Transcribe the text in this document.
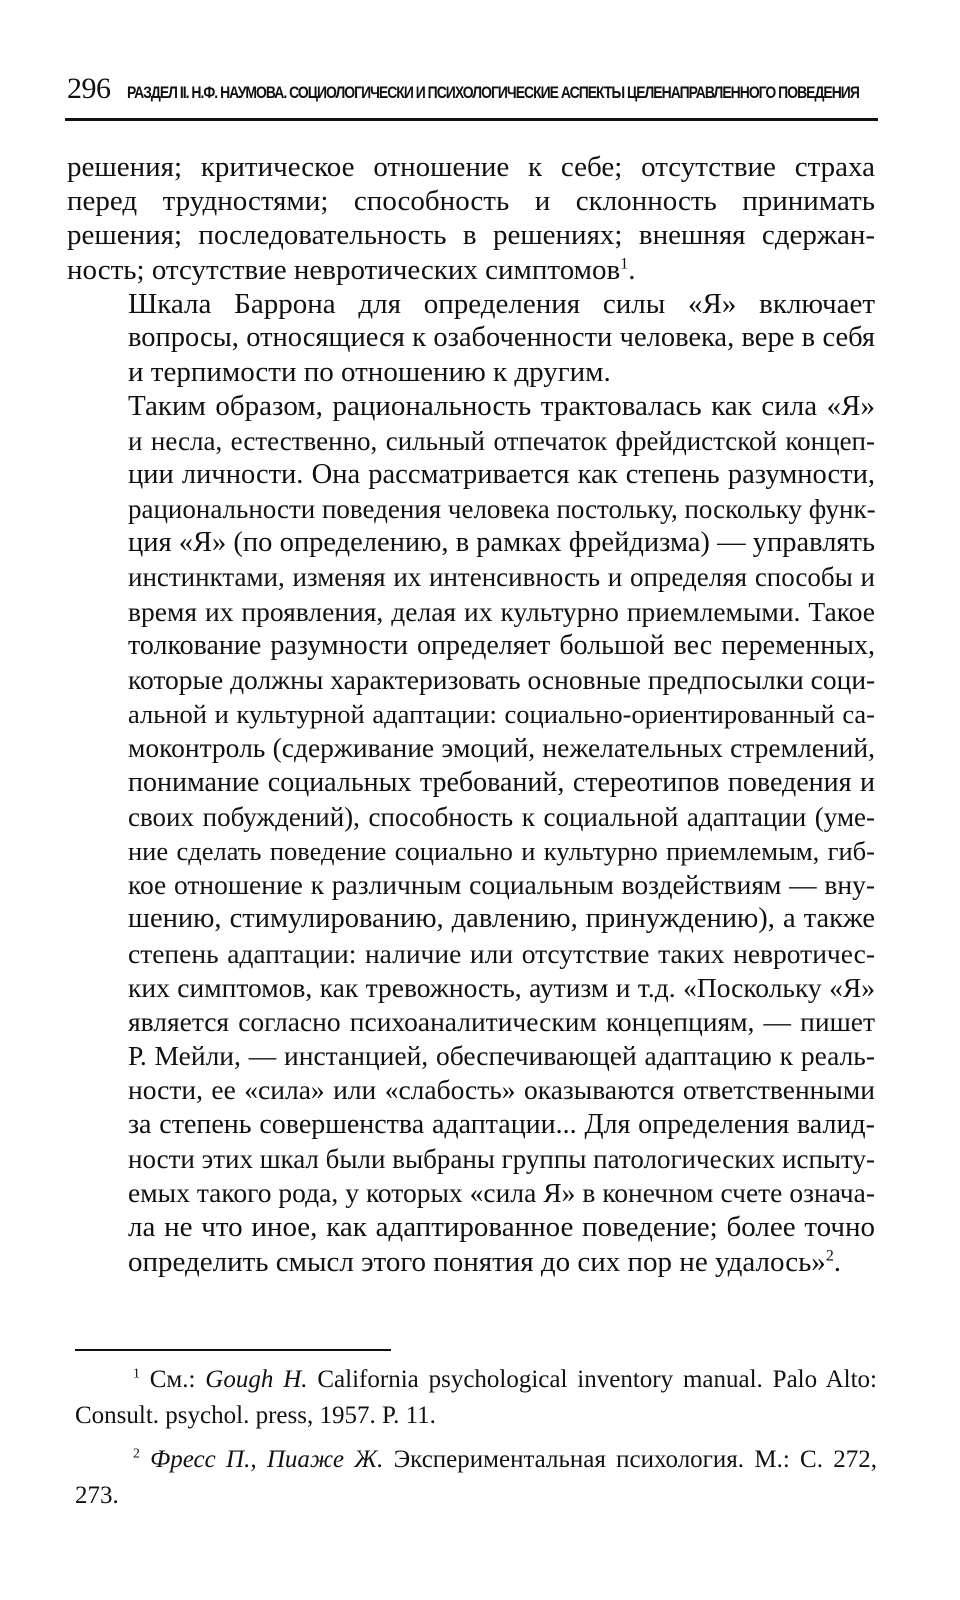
296 РАЗДЕЛ II. Н.Ф. НАУМОВА. СОЦИОЛОГИЧЕСКИ И ПСИХОЛОГИЧЕСКИЕ АСПЕКТЫ ЦЕЛЕНАПРАВЛЕННОГО ПОВЕДЕНИЯ

решения; критическое отношение к себе; отсутствие страха
перед трудностями; способность и склонность принимать
решения; последовательность в решениях; внешняя сдержан-
ность; отсутствие невротических симптомов$^1$.

Шкала Баррона для определения силы «Я» включает
вопросы, относящиеся к озабоченности человека, вере в себя
и терпимости по отношению к другим.

Таким образом, рациональность трактовалась как сила «Я»
и несла, естественно, сильный отпечаток фрейдистской концеп-
ции личности. Она рассматривается как степень разумности,
рациональности поведения человека постольку, поскольку функ-
ция «Я» (по определению, в рамках фрейдизма) — управлять
инстинктами, изменяя их интенсивность и определяя способы и
время их проявления, делая их культурно приемлемыми. Такое
толкование разумности определяет большой вес переменных,
которые должны характеризовать основные предпосылки соци-
альной и культурной адаптации: социально-ориентированный са-
моконтроль (сдерживание эмоций, нежелательных стремлений,
понимание социальных требований, стереотипов поведения и
своих побуждений), способность к социальной адаптации (уме-
ние сделать поведение социально и культурно приемлемым, гиб-
кое отношение к различным социальным воздействиям — вну-
шению, стимулированию, давлению, принуждению), а также
степень адаптации: наличие или отсутствие таких невротичес-
ких симптомов, как тревожность, аутизм и т.д. «Поскольку «Я»
является согласно психоаналитическим концепциям, — пишет
Р. Мейли, — инстанцией, обеспечивающей адаптацию к реаль-
ности, ее «сила» или «слабость» оказываются ответственными
за степень совершенства адаптации... Для определения валид-
ности этих шкал были выбраны группы патологических испыту-
емых такого рода, у которых «сила Я» в конечном счете означа-
ла не что иное, как адаптированное поведение; более точно
определить смысл этого понятия до сих пор не удалось»$^2$.

$^1$ См.: Gough H. California psychological inventory manual. Palo Alto: Consult. psychol. press, 1957. P. 11.

$^2$ Фресс П., Пиаже Ж. Экспериментальная психология. М.: С. 272, 273.
